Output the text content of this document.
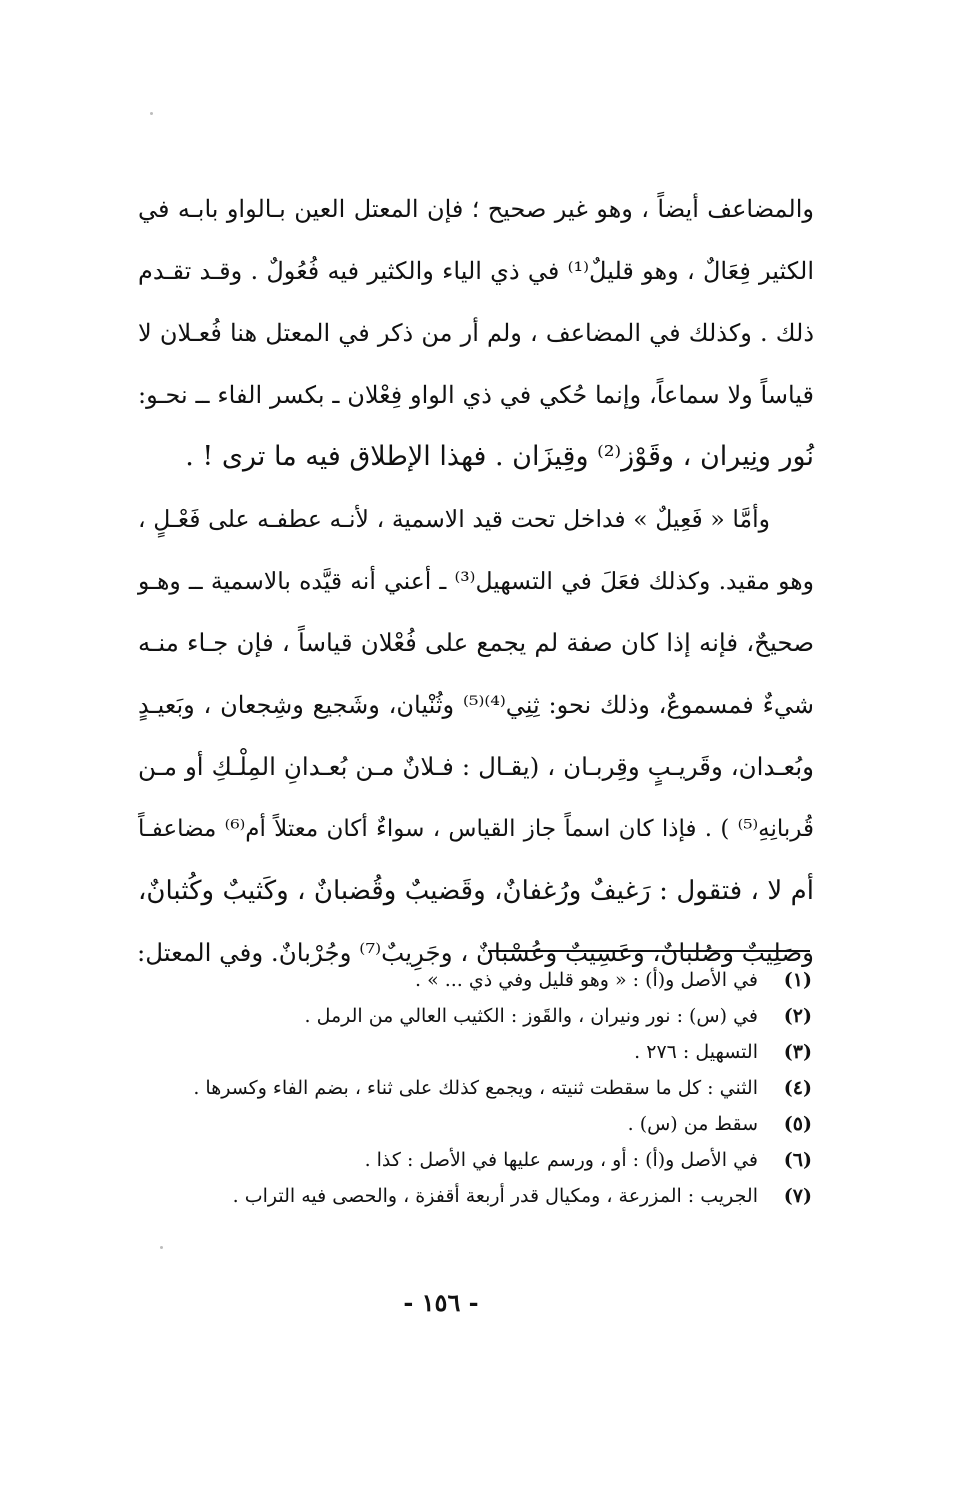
والمضاعف أيضاً ، وهو غير صحيح ؛ فإن المعتل العين بـالواو بابـه في
الكثير فِعَالٌ ، وهو قليلٌ⁽¹⁾ في ذي الياء والكثير فيه فُعُولٌ . وقـد تقـدم
ذلك . وكذلك في المضاعف ، ولم أر من ذكر في المعتل هنا فُعـلان لا
قياساً ولا سماعاً، وإنما حُكي في ذي الواو فِعْلان ـ بكسر الفاء ــ نحـو:
نُور ونِيران ، وقَوْز⁽²⁾ وقِيزَان . فهذا الإطلاق فيه ما ترى ! .
وأمَّا « فَعِيلٌ » فداخل تحت قيد الاسمية ، لأنـه عطفـه على فَعْـلٍ ،
وهو مقيد. وكذلك فعَلَ في التسهيل⁽³⁾ ـ أعني أنه قيَّده بالاسمية ــ وهـو
صحيحٌ، فإنه إذا كان صفة لم يجمع على فُعْلان قياساً ، فإن جـاء منـه
شيءٌ فمسموعٌ، وذلك نحو: ثِنِي⁽⁴⁾⁽⁵⁾ وثُنْيان، وشَجيع وشِجعان ، وبَعيـدٍ
وبُعـدان، وقَريـبٍ وقِربـان ، (يقـال : فـلانٌ مـن بُعـدانِ المِلْـكِ أو مـن
قُربانِهِ⁽⁵⁾ ) . فإذا كان اسماً جاز القياس ، سواءٌ أكان معتلاً أم⁽⁶⁾ مضاعفـاً
أم لا ، فتقول : رَغيفٌ ورُغفانٌ، وقَضيبٌ وقُضبانٌ ، وكَثيبٌ وكُثبانٌ،
وصَلِيبٌ وصُلبانٌ، وعَسِيبٌ وعُسْبانٌ ، وجَرِيبٌ⁽⁷⁾ وجُرْبانٌ. وفي المعتل:
(١)
في الأصل و(أ) : « وهو قليل وفي ذي ... » .
(٢)
في (س) : نور ونيران ، والقَوز : الكثيب العالي من الرمل .
(٣)
التسهيل : ٢٧٦ .
(٤)
الثني : كل ما سقطت ثنيته ، ويجمع كذلك على ثناء ، بضم الفاء وكسرها .
(٥)
سقط من (س) .
(٦)
في الأصل و(أ) : أو ، ورسم عليها في الأصل : كذا .
(٧)
الجريب : المزرعة ، ومكيال قدر أربعة أقفزة ، والحصى فيه التراب .
- ١٥٦ -
